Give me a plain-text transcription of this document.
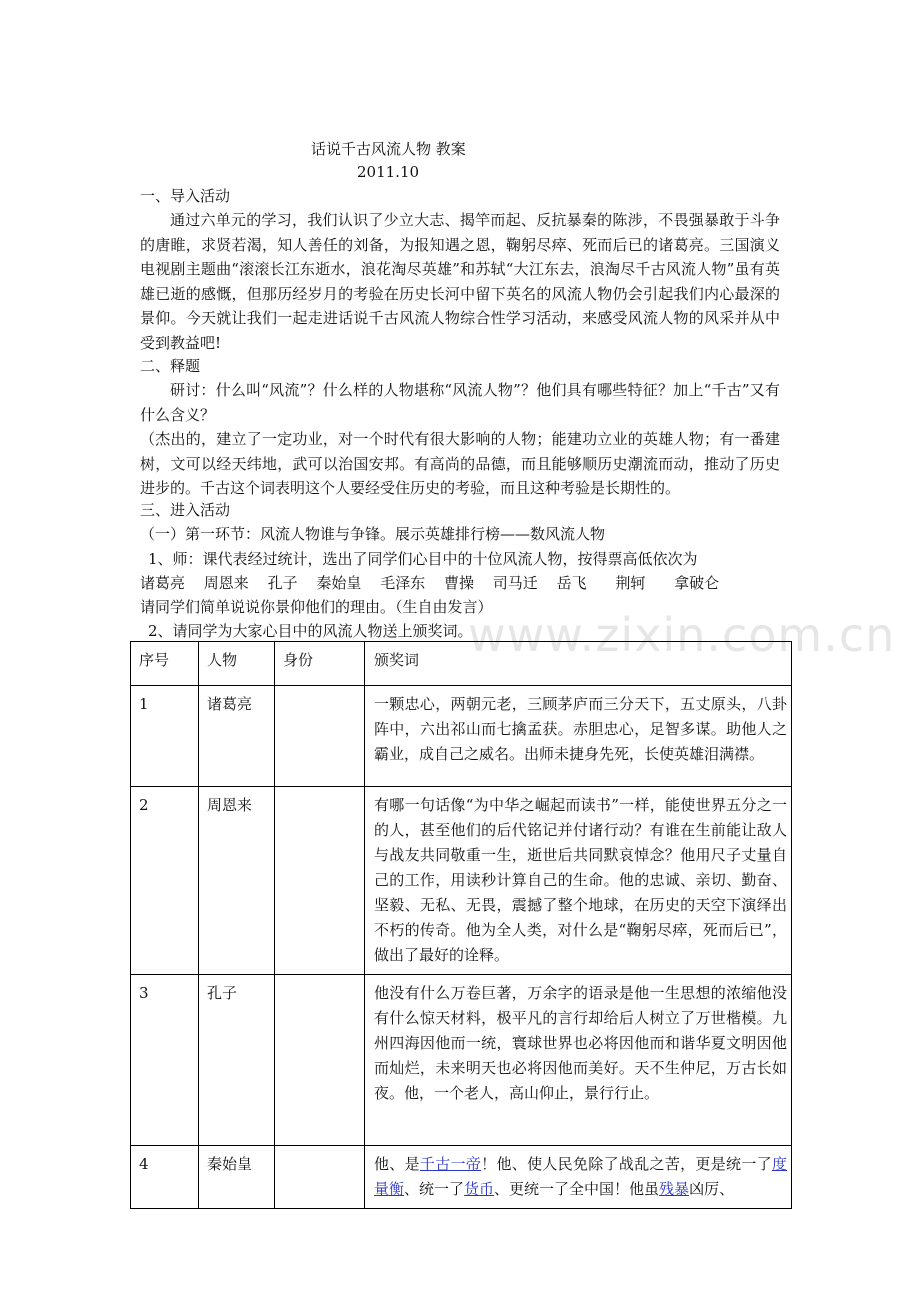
话说千古风流人物 教案
2011.10
一、导入活动
通过六单元的学习，我们认识了少立大志、揭竿而起、反抗暴秦的陈涉，不畏强暴敢于斗争的唐睢，求贤若渴，知人善任的刘备，为报知遇之恩，鞠躬尽瘁、死而后已的诸葛亮。三国演义电视剧主题曲“滚滚长江东逝水，浪花淘尽英雄”和苏轼“大江东去，浪淘尽千古风流人物”虽有英雄已逝的感慨，但那历经岁月的考验在历史长河中留下英名的风流人物仍会引起我们内心最深的景仰。今天就让我们一起走进话说千古风流人物综合性学习活动，来感受风流人物的风采并从中受到教益吧!
二、释题
研讨：什么叫“风流”？什么样的人物堪称“风流人物”？他们具有哪些特征？加上“千古”又有什么含义？
（杰出的，建立了一定功业，对一个时代有很大影响的人物；能建功立业的英雄人物；有一番建树，文可以经天纬地，武可以治国安邦。有高尚的品德，而且能够顺历史潮流而动，推动了历史进步的。千古这个词表明这个人要经受住历史的考验，而且这种考验是长期性的。
三、进入活动
（一）第一环节：风流人物谁与争锋。展示英雄排行榜——数风流人物
1、师：课代表经过统计，选出了同学们心目中的十位风流人物，按得票高低依次为
诸葛亮 周恩来 孔子 秦始皇 毛泽东 曹操 司马迁 岳飞 荆轲 拿破仑
请同学们简单说说你景仰他们的理由。（生自由发言）
www.zixin.com.cn
2、请同学为大家心目中的风流人物送上颁奖词。
序号	人物	身份	颁奖词
1	诸葛亮		一颗忠心，两朝元老，三顾茅庐而三分天下，五丈原头，八卦阵中，六出祁山而七擒孟获。赤胆忠心，足智多谋。助他人之霸业，成自己之威名。出师未捷身先死，长使英雄泪满襟。
2	周恩来		有哪一句话像“为中华之崛起而读书”一样，能使世界五分之一的人，甚至他们的后代铭记并付诸行动？有谁在生前能让敌人与战友共同敬重一生，逝世后共同默哀悼念？他用尺子丈量自己的工作，用读秒计算自己的生命。他的忠诚、亲切、勤奋、坚毅、无私、无畏，震撼了整个地球，在历史的天空下演绎出不朽的传奇。他为全人类，对什么是“鞠躬尽瘁，死而后已”，做出了最好的诠释。
3	孔子		他没有什么万卷巨著，万余字的语录是他一生思想的浓缩他没有什么惊天材料，极平凡的言行却给后人树立了万世楷模。九州四海因他而一统，寰球世界也必将因他而和谐华夏文明因他而灿烂，未来明天也必将因他而美好。天不生仲尼，万古长如夜。他，一个老人，高山仰止，景行行止。
4	秦始皇		他、是千古一帝！他、使人民免除了战乱之苦，更是统一了度量衡、统一了货币、更统一了全中国！他虽残暴凶厉、
